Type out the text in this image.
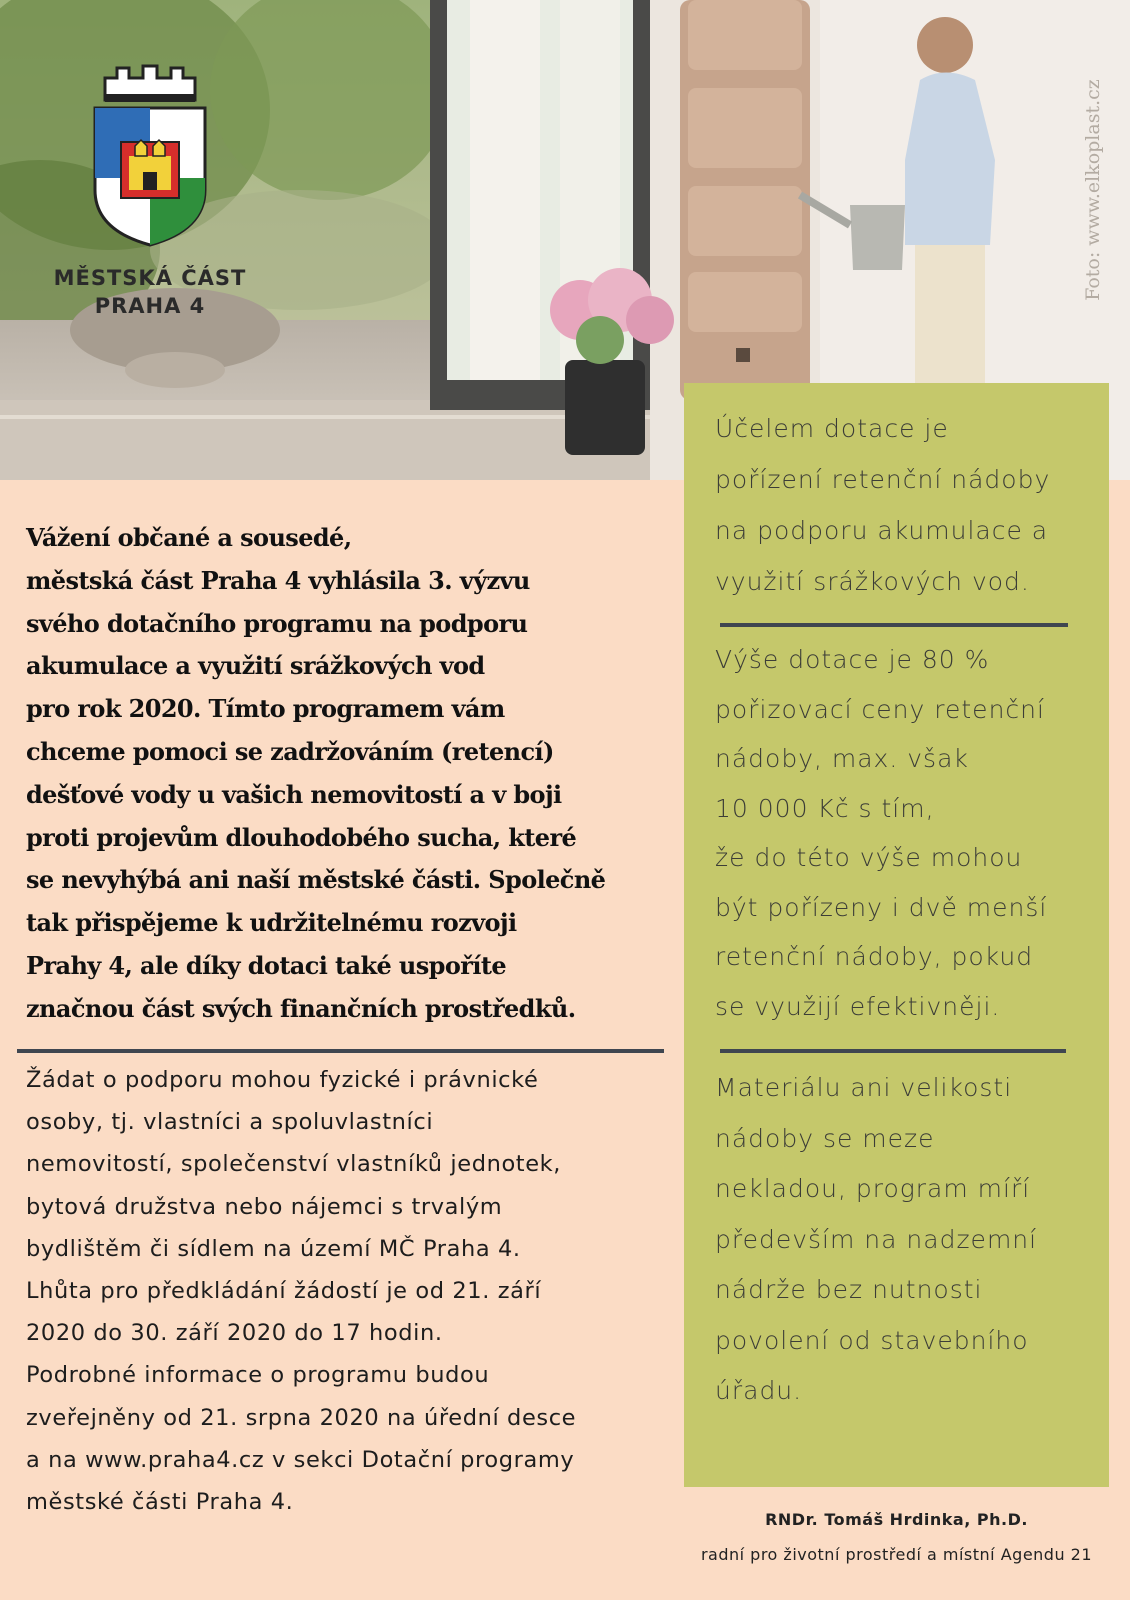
MĚSTSKÁ ČÁST
PRAHA 4
Foto: www.elkoplast.cz
Vážení občané a sousedé,
městská část Praha 4 vyhlásila 3. výzvu
svého dotačního programu na podporu
akumulace a využití srážkových vod
pro rok 2020. Tímto programem vám
chceme pomoci se zadržováním (retencí)
dešťové vody u vašich nemovitostí a v boji
proti projevům dlouhodobého sucha, které
se nevyhýbá ani naší městské části. Společně
tak přispějeme k udržitelnému rozvoji
Prahy 4, ale díky dotaci také uspoříte
značnou část svých finančních prostředků.
Žádat o podporu mohou fyzické i právnické
osoby, tj. vlastníci a spoluvlastníci
nemovitostí, společenství vlastníků jednotek,
bytová družstva nebo nájemci s trvalým
bydlištěm či sídlem na území MČ Praha 4.
Lhůta pro předkládání žádostí je od 21. září
2020 do 30. září 2020 do 17 hodin.
Podrobné informace o programu budou
zveřejněny od 21. srpna 2020 na úřední desce
a na www.praha4.cz v sekci Dotační programy
městské části Praha 4.
Účelem dotace je
pořízení retenční nádoby
na podporu akumulace a
využití srážkových vod.
Výše dotace je 80 %
pořizovací ceny retenční
nádoby, max. však
10 000 Kč s tím,
že do této výše mohou
být pořízeny i dvě menší
retenční nádoby, pokud
se využijí efektivněji.
Materiálu ani velikosti
nádoby se meze
nekladou, program míří
především na nadzemní
nádrže bez nutnosti
povolení od stavebního
úřadu.
RNDr. Tomáš Hrdinka, Ph.D.
radní pro životní prostředí a místní Agendu 21
